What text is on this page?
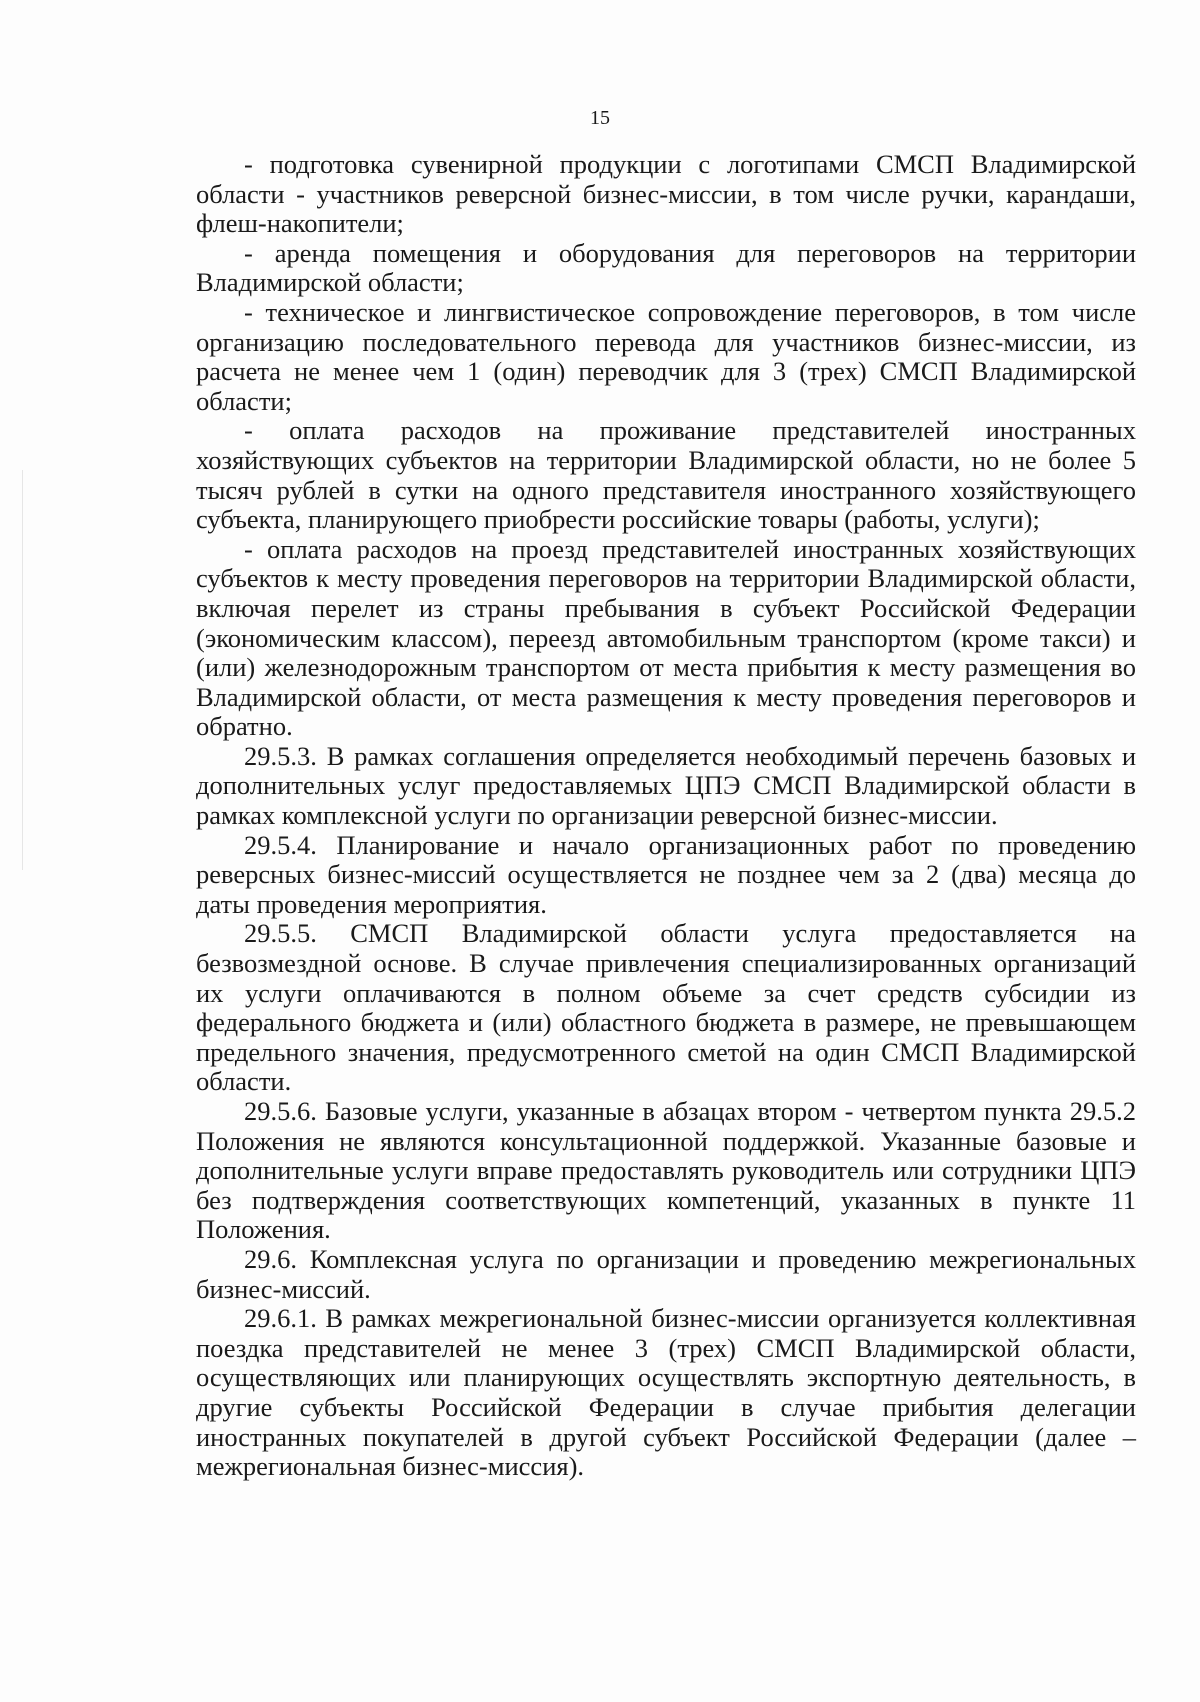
15

- подготовка сувенирной продукции с логотипами СМСП Владимирской области - участников реверсной бизнес-миссии, в том числе ручки, карандаши, флеш-накопители;

- аренда помещения и оборудования для переговоров на территории Владимирской области;

- техническое и лингвистическое сопровождение переговоров, в том числе организацию последовательного перевода для участников бизнес-миссии, из расчета не менее чем 1 (один) переводчик для 3 (трех) СМСП Владимирской области;

- оплата расходов на проживание представителей иностранных хозяйствующих субъектов на территории Владимирской области, но не более 5 тысяч рублей в сутки на одного представителя иностранного хозяйствующего субъекта, планирующего приобрести российские товары (работы, услуги);

- оплата расходов на проезд представителей иностранных хозяйствующих субъектов к месту проведения переговоров на территории Владимирской области, включая перелет из страны пребывания в субъект Российской Федерации (экономическим классом), переезд автомобильным транспортом (кроме такси) и (или) железнодорожным транспортом от места прибытия к месту размещения во Владимирской области, от места размещения к месту проведения переговоров и обратно.

29.5.3. В рамках соглашения определяется необходимый перечень базовых и дополнительных услуг предоставляемых ЦПЭ СМСП Владимирской области в рамках комплексной услуги по организации реверсной бизнес-миссии.

29.5.4. Планирование и начало организационных работ по проведению реверсных бизнес-миссий осуществляется не позднее чем за 2 (два) месяца до даты проведения мероприятия.

29.5.5. СМСП Владимирской области услуга предоставляется на безвозмездной основе. В случае привлечения специализированных организаций их услуги оплачиваются в полном объеме за счет средств субсидии из федерального бюджета и (или) областного бюджета в размере, не превышающем предельного значения, предусмотренного сметой на один СМСП Владимирской области.

29.5.6. Базовые услуги, указанные в абзацах втором - четвертом пункта 29.5.2 Положения не являются консультационной поддержкой. Указанные базовые и дополнительные услуги вправе предоставлять руководитель или сотрудники ЦПЭ без подтверждения соответствующих компетенций, указанных в пункте 11 Положения.

29.6. Комплексная услуга по организации и проведению межрегиональных бизнес-миссий.

29.6.1. В рамках межрегиональной бизнес-миссии организуется коллективная поездка представителей не менее 3 (трех) СМСП Владимирской области, осуществляющих или планирующих осуществлять экспортную деятельность, в другие субъекты Российской Федерации в случае прибытия делегации иностранных покупателей в другой субъект Российской Федерации (далее – межрегиональная бизнес-миссия).
